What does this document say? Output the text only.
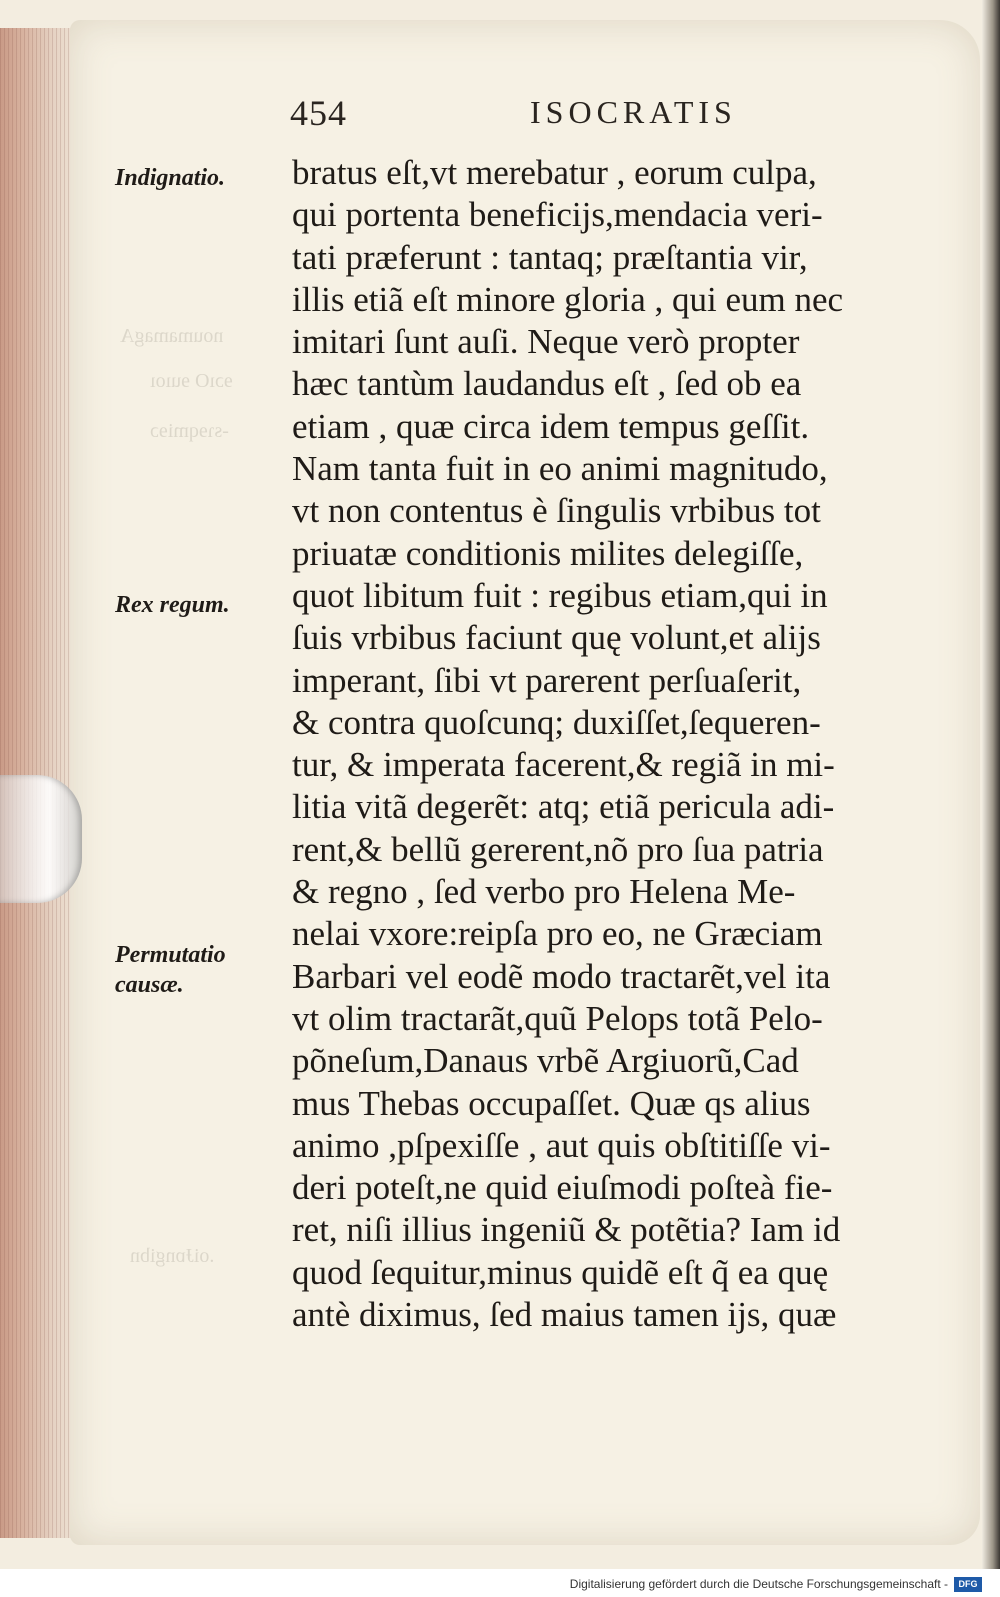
noumamagA
ɘɔıO ɘuıoı
-sɿɘqmiɘɔ
.oiɈɒngibn
454	ISOCRATIS
Indignatio.
Rex regum.
Permutatio causæ.
bratus eſt,vt merebatur , eorum culpa,
qui portenta beneficijs,mendacia veri-
tati præferunt : tantaq; præſtantia vir,
illis etiã eſt minore gloria , qui eum nec
imitari ſunt auſi. Neque verò propter
hæc tantùm laudandus eſt , ſed ob ea
etiam , quæ circa idem tempus geſſit.
Nam tanta fuit in eo animi magnitudo,
vt non contentus è ſingulis vrbibus tot
priuatæ conditionis milites delegiſſe,
quot libitum fuit : regibus etiam,qui in
ſuis vrbibus faciunt quę volunt,et alijs
imperant, ſibi vt parerent perſuaſerit,
& contra quoſcunq; duxiſſet,ſequeren-
tur, & imperata facerent,& regiã in mi-
litia vitã degerẽt: atq; etiã pericula adi-
rent,& bellũ gererent,nõ pro ſua patria
& regno , ſed verbo pro Helena Me-
nelai vxore:reipſa pro eo, ne Græciam
Barbari vel eodẽ modo tractarẽt,vel ita
vt olim tractarãt,quũ Pelops totã Pelo-
põneſum,Danaus vrbẽ Argiuorũ,Cad
mus Thebas occupaſſet. Quæ qs alius
animo ,pſpexiſſe , aut quis obſtitiſſe vi-
deri poteſt,ne quid eiuſmodi poſteà fie-
ret, niſi illius ingeniũ & potẽtia? Iam id
quod ſequitur,minus quidẽ eſt q̃ ea quę
antè diximus, ſed maius tamen ijs, quæ
Digitalisierung gefördert durch die Deutsche Forschungsgemeinschaft -	DFG
